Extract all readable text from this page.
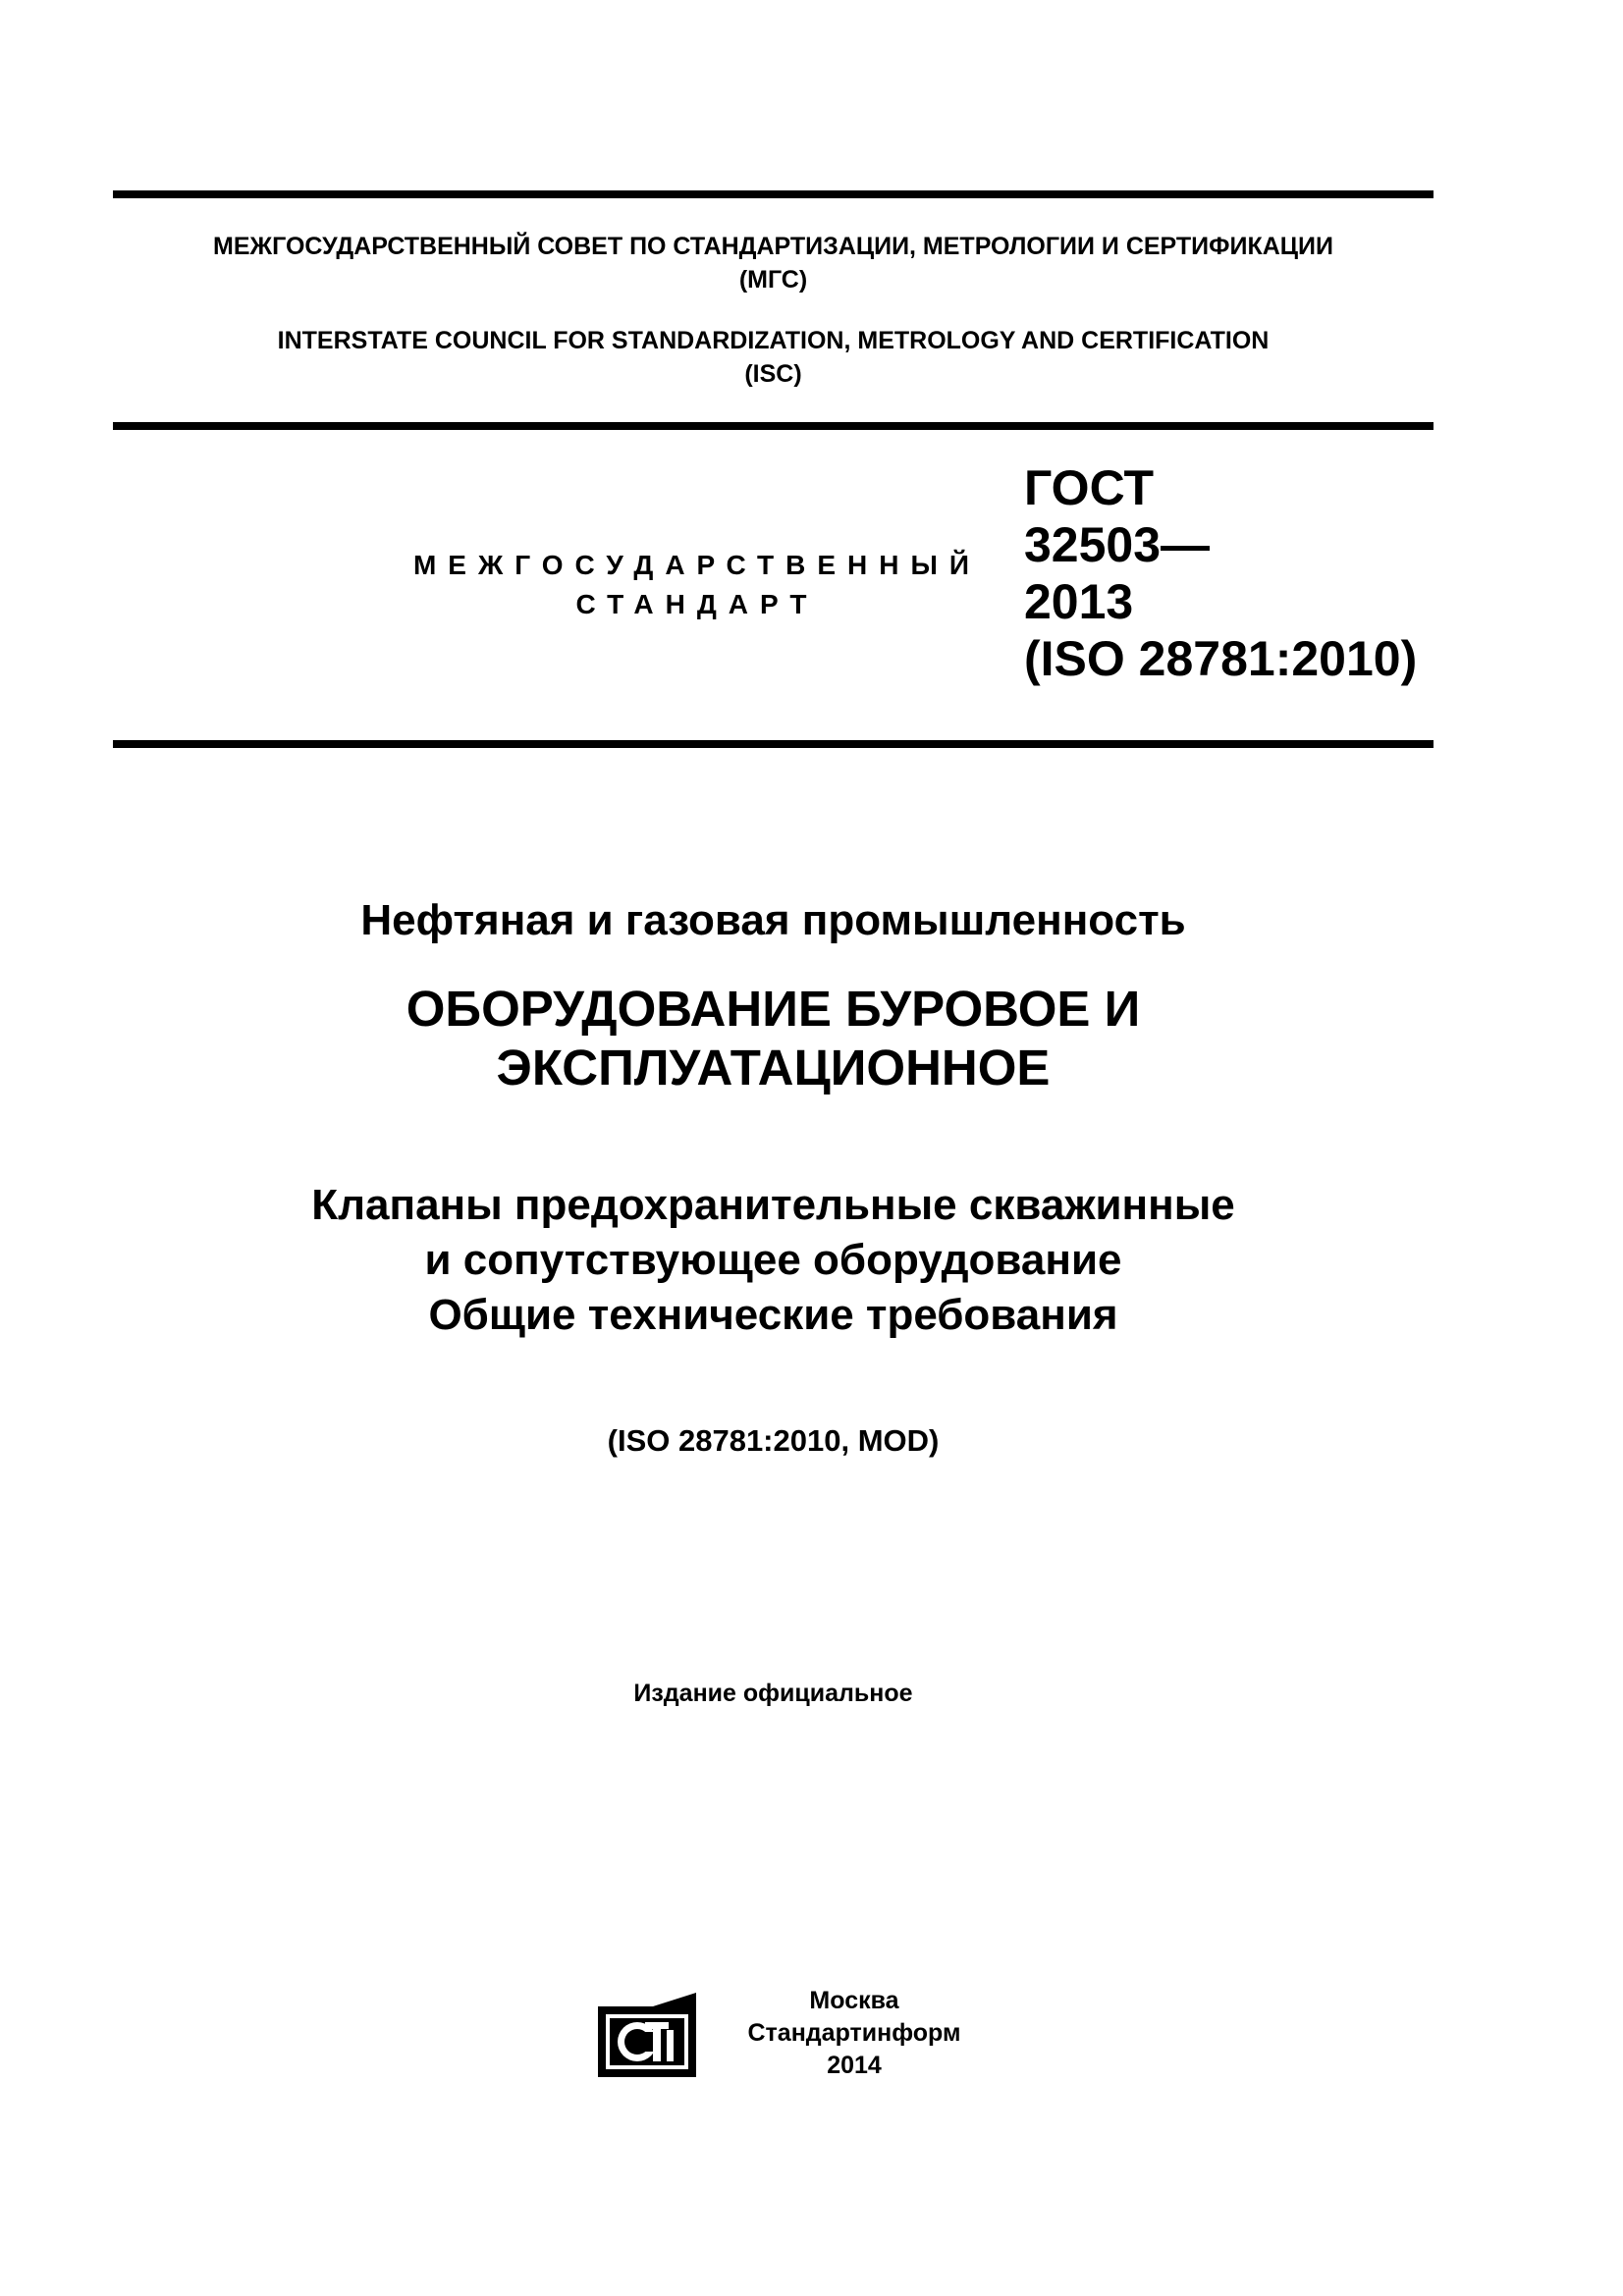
МЕЖГОСУДАРСТВЕННЫЙ СОВЕТ ПО СТАНДАРТИЗАЦИИ, МЕТРОЛОГИИ И СЕРТИФИКАЦИИ
(МГС)
INTERSTATE COUNCIL FOR STANDARDIZATION, METROLOGY AND CERTIFICATION
(ISC)
МЕЖГОСУДАРСТВЕННЫЙ
СТАНДАРТ
ГОСТ
32503—
2013
(ISO 28781:2010)
Нефтяная и газовая промышленность
ОБОРУДОВАНИЕ БУРОВОЕ И
ЭКСПЛУАТАЦИОННОЕ
Клапаны предохранительные скважинные
и сопутствующее оборудование
Общие технические требования
(ISO 28781:2010, MOD)
Издание официальное
Москва
Стандартинформ
2014
